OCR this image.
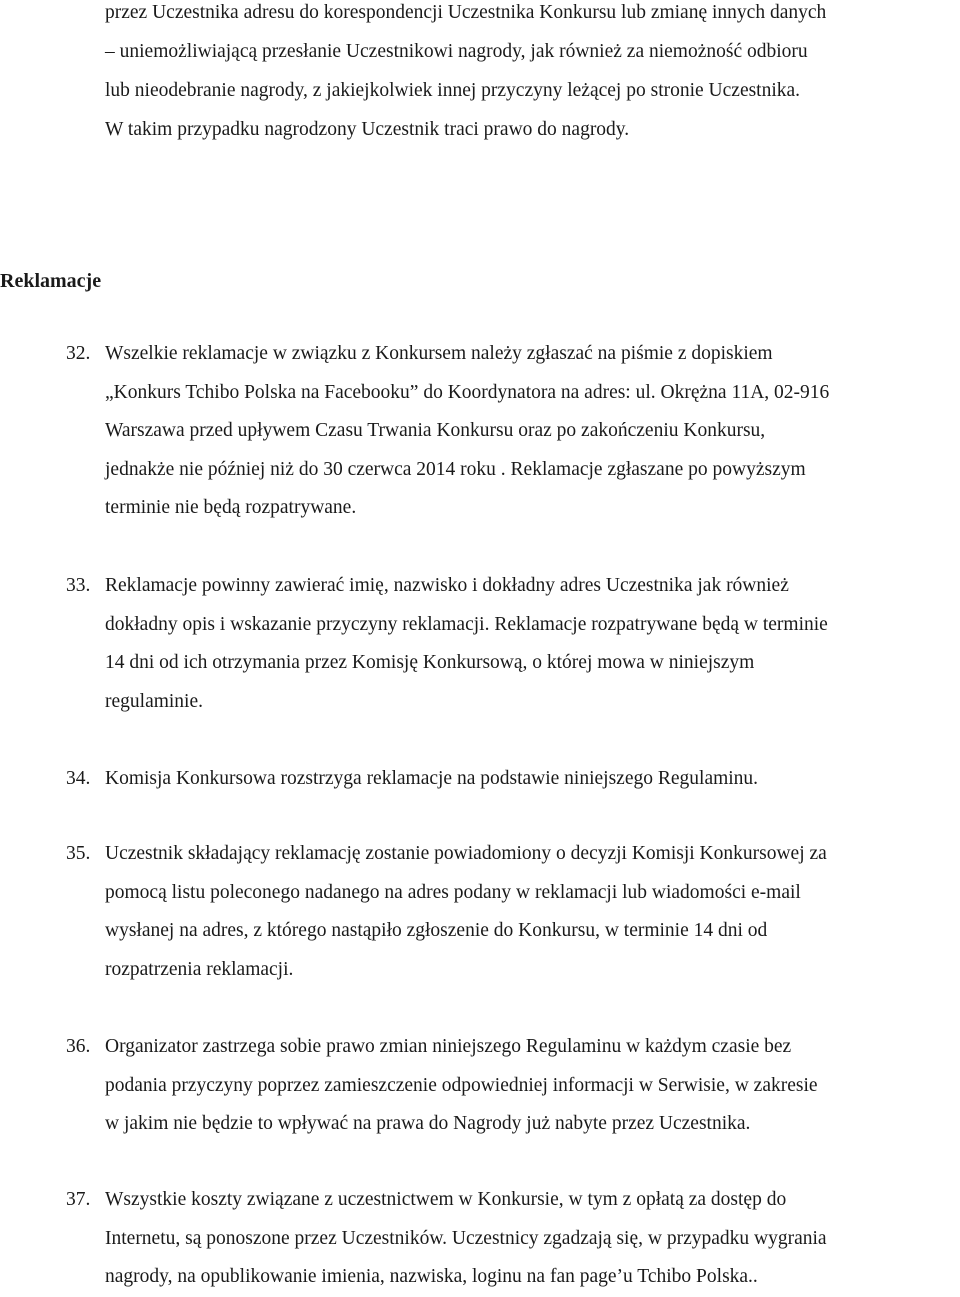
przez Uczestnika adresu do korespondencji Uczestnika Konkursu lub zmianę innych danych
– uniemożliwiającą przesłanie Uczestnikowi nagrody, jak również za niemożność odbioru
lub nieodebranie nagrody, z jakiejkolwiek innej przyczyny leżącej po stronie Uczestnika.
W takim przypadku nagrodzony Uczestnik traci prawo do nagrody.
Reklamacje
32. Wszelkie reklamacje w związku z Konkursem należy zgłaszać na piśmie z dopiskiem
„Konkurs Tchibo Polska na Facebooku” do Koordynatora na adres: ul. Okrężna 11A, 02-916
Warszawa przed upływem Czasu Trwania Konkursu oraz po zakończeniu Konkursu,
jednakże nie później niż do 30 czerwca 2014 roku . Reklamacje zgłaszane po powyższym
terminie nie będą rozpatrywane.
33. Reklamacje powinny zawierać imię, nazwisko i dokładny adres Uczestnika jak również
dokładny opis i wskazanie przyczyny reklamacji. Reklamacje rozpatrywane będą w terminie
14 dni od ich otrzymania przez Komisję Konkursową, o której mowa w niniejszym
regulaminie.
34. Komisja Konkursowa rozstrzyga reklamacje na podstawie niniejszego Regulaminu.
35. Uczestnik składający reklamację zostanie powiadomiony o decyzji Komisji Konkursowej za
pomocą listu poleconego nadanego na adres podany w reklamacji lub wiadomości e-mail
wysłanej na adres, z którego nastąpiło zgłoszenie do Konkursu, w terminie 14 dni od
rozpatrzenia reklamacji.
36. Organizator zastrzega sobie prawo zmian niniejszego Regulaminu w każdym czasie bez
podania przyczyny poprzez zamieszczenie odpowiedniej informacji w Serwisie, w zakresie
w jakim nie będzie to wpływać na prawa do Nagrody już nabyte przez Uczestnika.
37. Wszystkie koszty związane z uczestnictwem w Konkursie, w tym z opłatą za dostęp do
Internetu, są ponoszone przez Uczestników. Uczestnicy zgadzają się, w przypadku wygrania
nagrody, na opublikowanie imienia, nazwiska, loginu na fan page’u Tchibo Polska..
